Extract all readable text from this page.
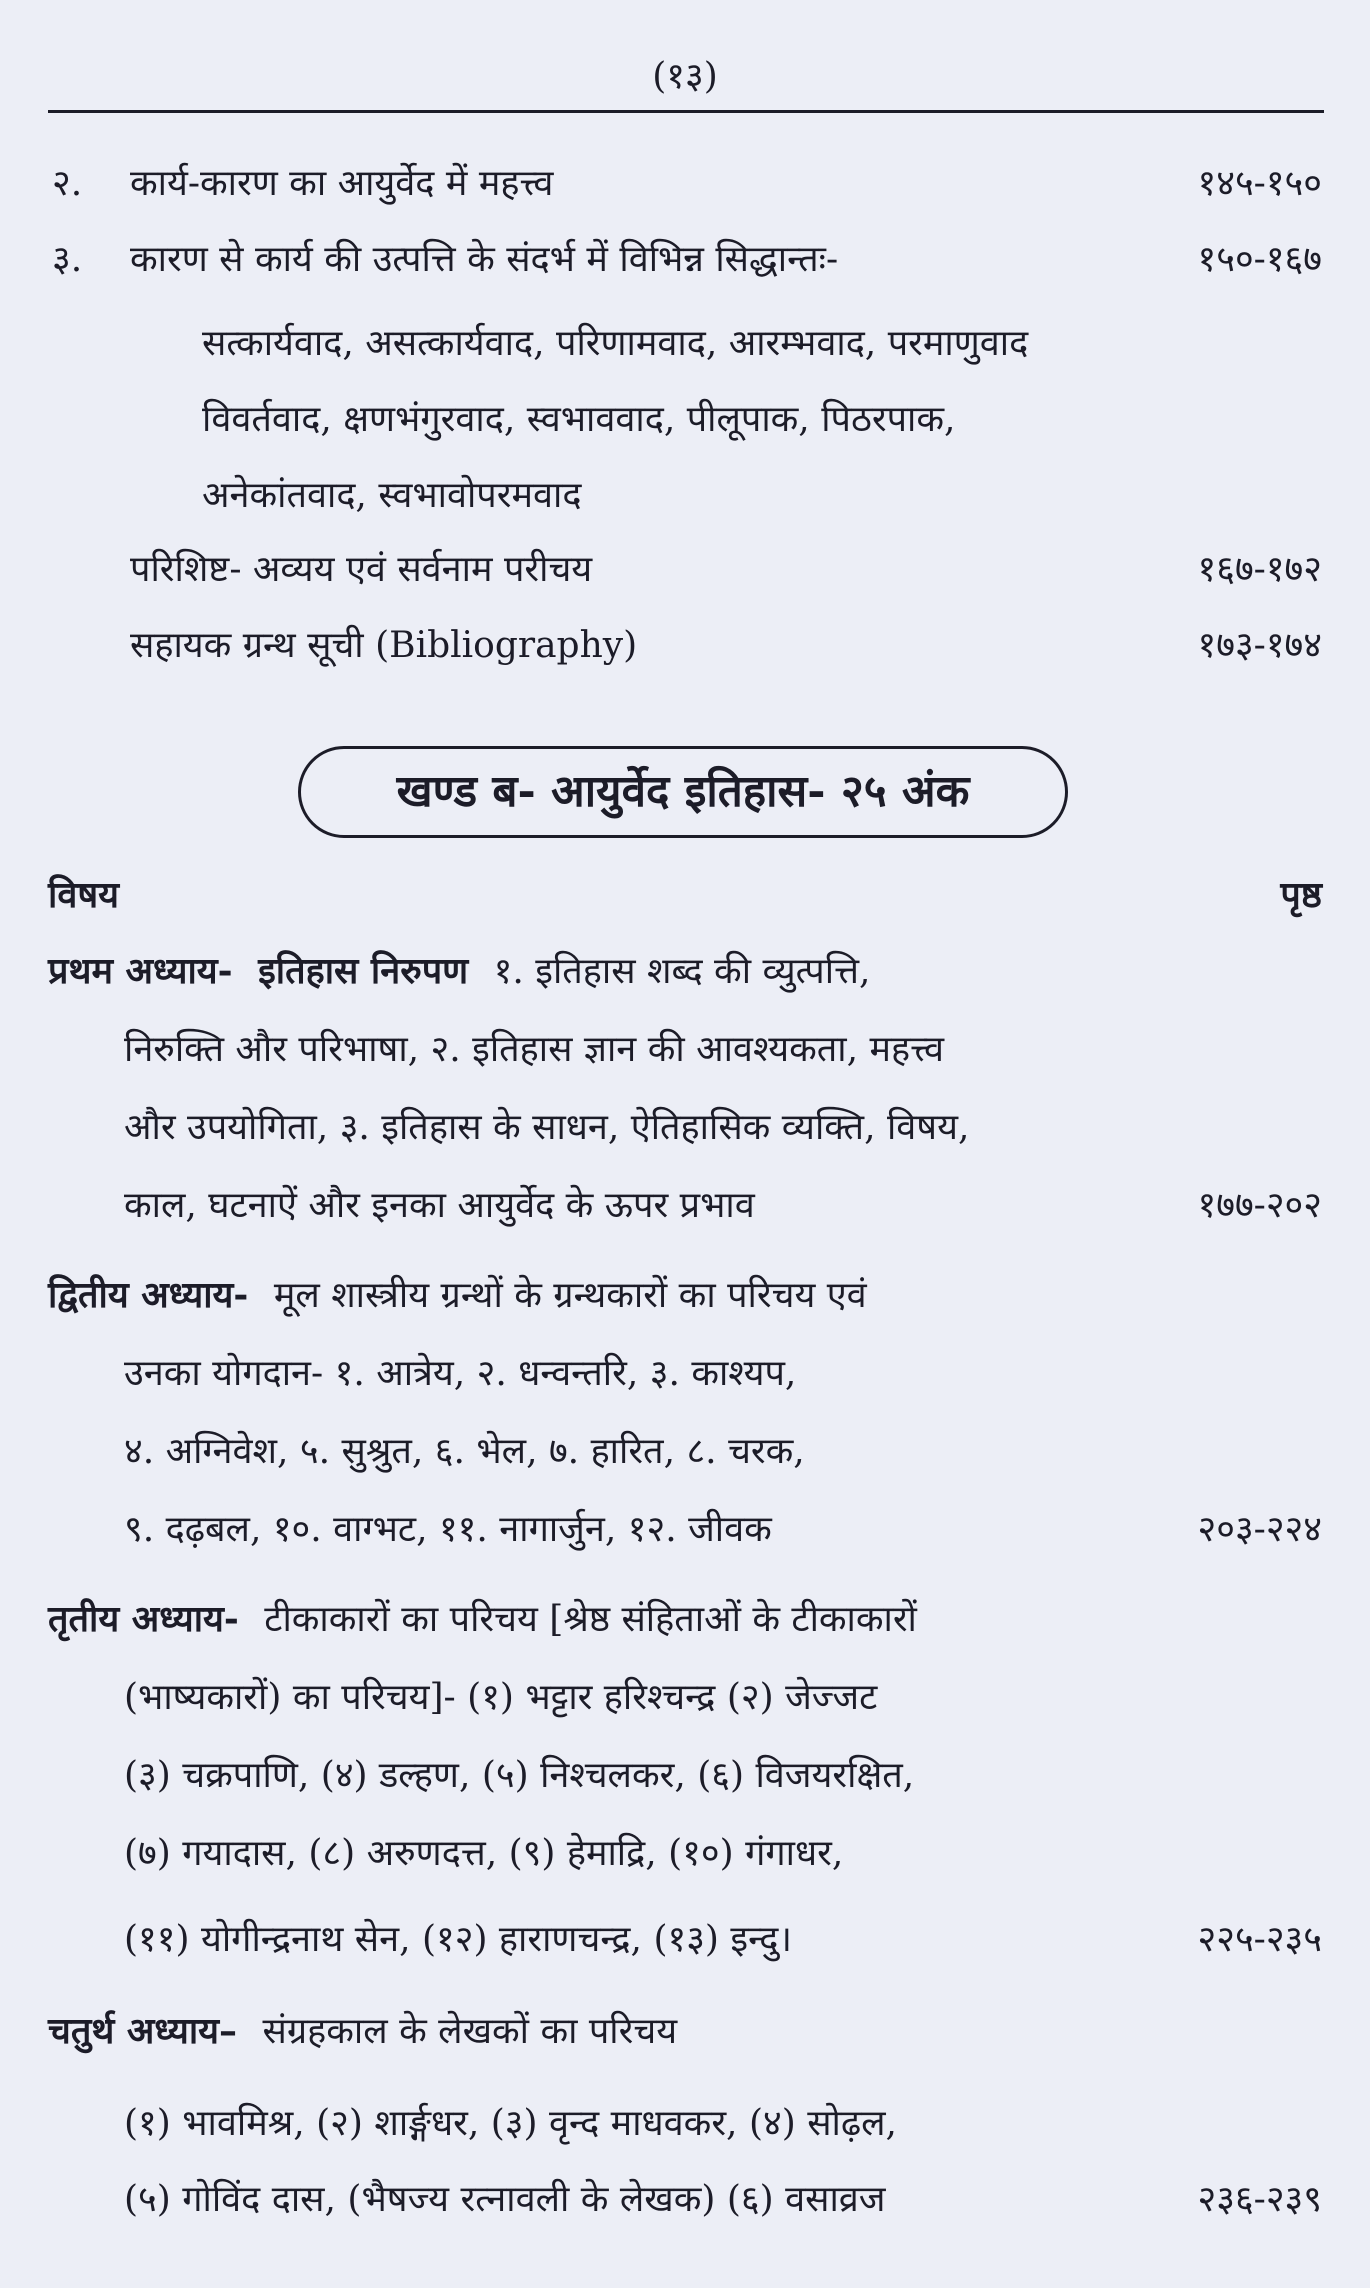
(१३)
२. कार्य-कारण का आयुर्वेद में महत्त्व	१४५-१५०
३. कारण से कार्य की उत्पत्ति के संदर्भ में विभिन्न सिद्धान्तः-	१५०-१६७
सत्कार्यवाद, असत्कार्यवाद, परिणामवाद, आरम्भवाद, परमाणुवाद
विवर्तवाद, क्षणभंगुरवाद, स्वभाववाद, पीलूपाक, पिठरपाक,
अनेकांतवाद, स्वभावोपरमवाद
परिशिष्ट- अव्यय एवं सर्वनाम परीचय	१६७-१७२
सहायक ग्रन्थ सूची (Bibliography)	१७३-१७४
खण्ड ब- आयुर्वेद इतिहास- २५ अंक
विषय	पृष्ठ
प्रथम अध्याय- इतिहास निरुपण १. इतिहास शब्द की व्युत्पत्ति,
निरुक्ति और परिभाषा, २. इतिहास ज्ञान की आवश्यकता, महत्त्व
और उपयोगिता, ३. इतिहास के साधन, ऐतिहासिक व्यक्ति, विषय,
काल, घटनाऐं और इनका आयुर्वेद के ऊपर प्रभाव	१७७-२०२
द्वितीय अध्याय- मूल शास्त्रीय ग्रन्थों के ग्रन्थकारों का परिचय एवं
उनका योगदान- १. आत्रेय, २. धन्वन्तरि, ३. काश्यप,
४. अग्निवेश, ५. सुश्रुत, ६. भेल, ७. हारित, ८. चरक,
९. दढ़बल, १०. वाग्भट, ११. नागार्जुन, १२. जीवक	२०३-२२४
तृतीय अध्याय- टीकाकारों का परिचय [श्रेष्ठ संहिताओं के टीकाकारों
(भाष्यकारों) का परिचय]- (१) भट्टार हरिश्चन्द्र (२) जेज्जट
(३) चक्रपाणि, (४) डल्हण, (५) निश्चलकर, (६) विजयरक्षित,
(७) गयादास, (८) अरुणदत्त, (९) हेमाद्रि, (१०) गंगाधर,
(११) योगीन्द्रनाथ सेन, (१२) हाराणचन्द्र, (१३) इन्दु।	२२५-२३५
चतुर्थ अध्याय– संग्रहकाल के लेखकों का परिचय
(१) भावमिश्र, (२) शार्ङ्गधर, (३) वृन्द माधवकर, (४) सोढ़ल,
(५) गोविंद दास, (भैषज्य रत्नावली के लेखक) (६) वसाव्रज	२३६-२३९
